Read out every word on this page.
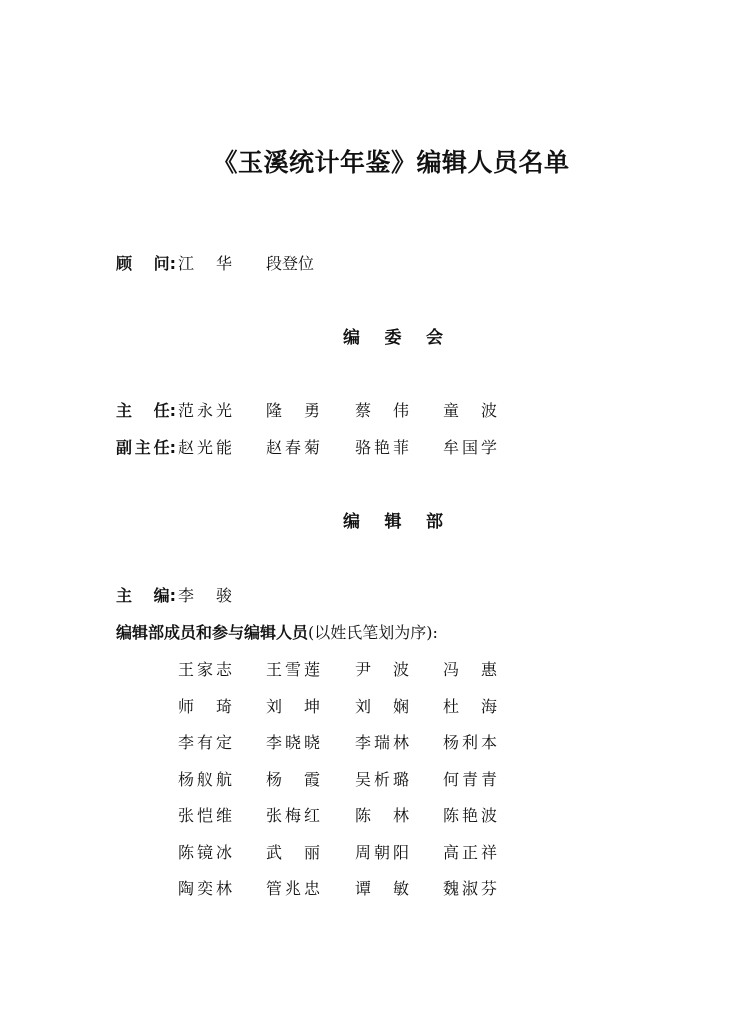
《玉溪统计年鉴》编辑人员名单
顾 问 : 江 华 段 登 位
编 委 会
主 任 : 范 永 光 隆 勇 蔡 伟 童 波
副 主 任 : 赵 光 能 赵 春 菊 骆 艳 菲 牟 国 学
编 辑 部
主 编 : 李 骏
编辑部成员和参与编辑人员 (以姓氏笔划为序):
王 家 志 王 雪 莲 尹 波 冯 惠
师 琦 刘 坤 刘 娴 杜 海
李 有 定 李 晓 晓 李 瑞 林 杨 利 本
杨 舣 航 杨 霞 吴 析 璐 何 青 青
张 恺 维 张 梅 红 陈 林 陈 艳 波
陈 镜 冰 武 丽 周 朝 阳 高 正 祥
陶 奕 林 管 兆 忠 谭 敏 魏 淑 芬
